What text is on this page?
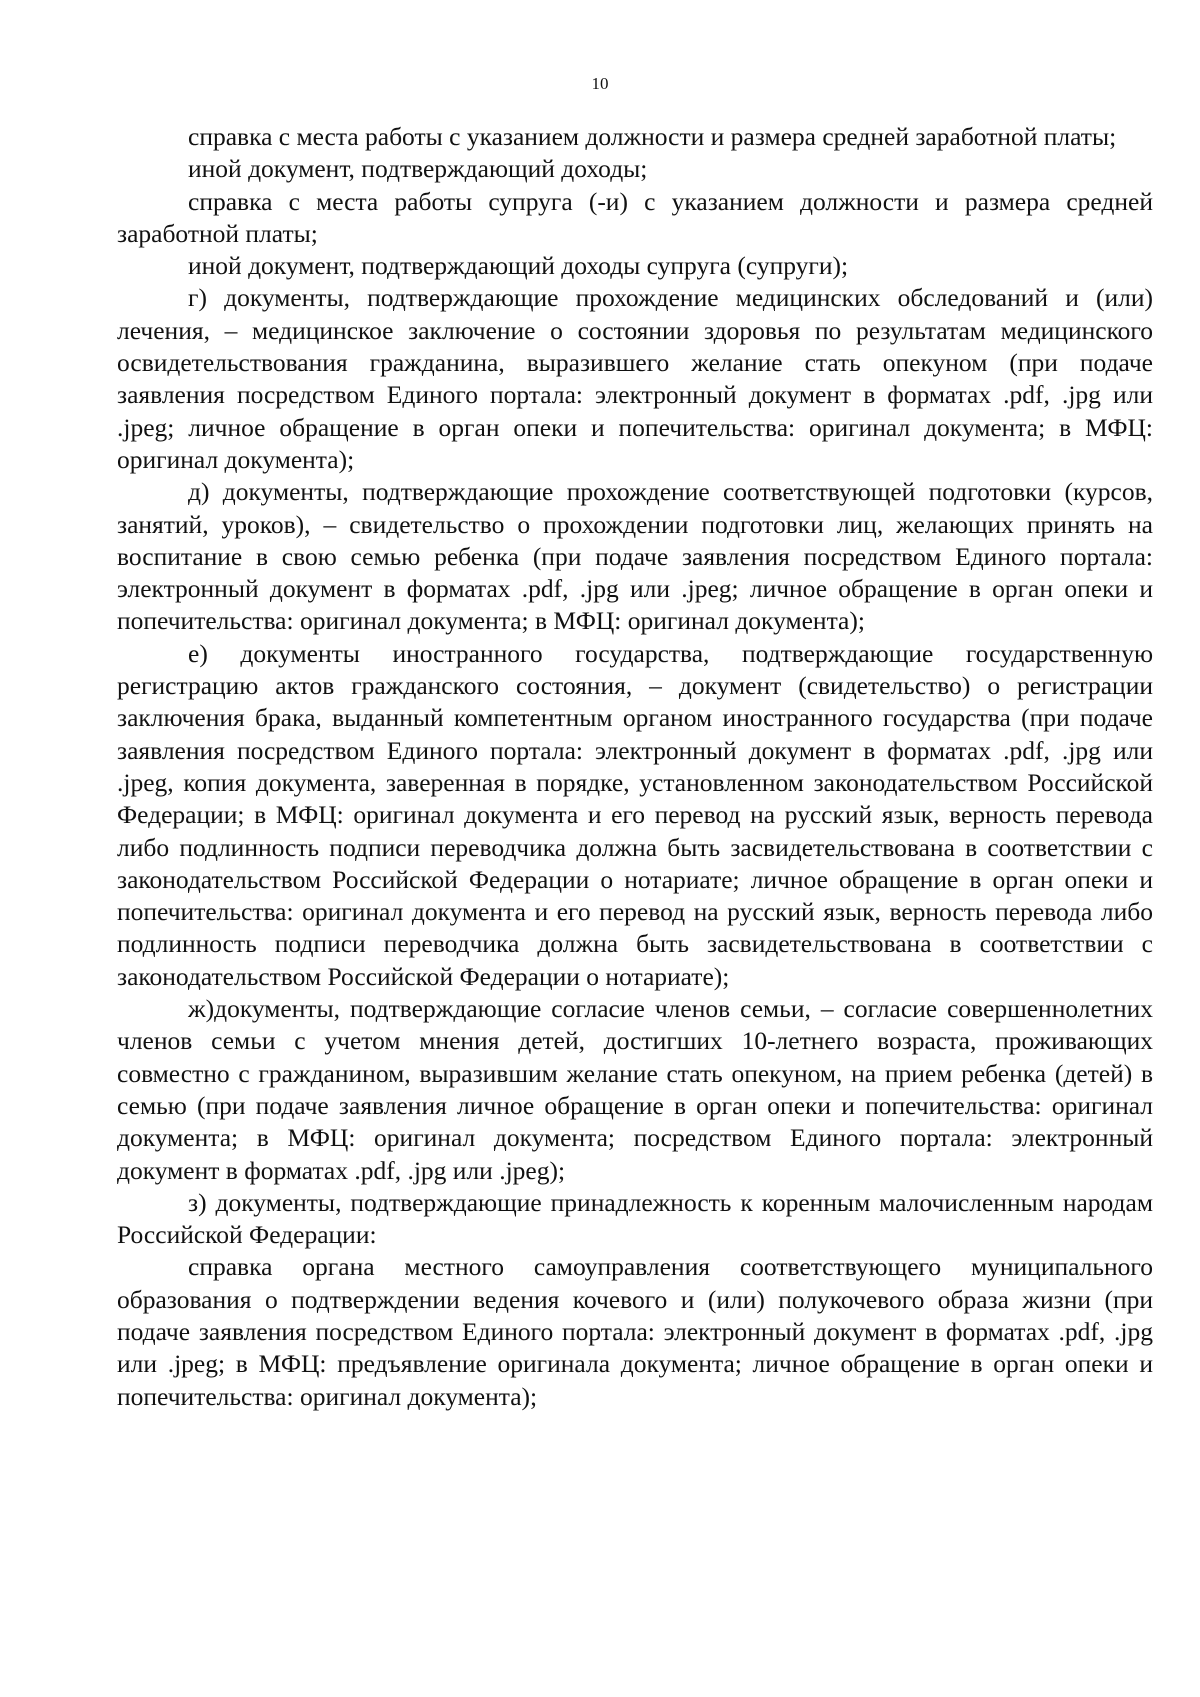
10

справка с места работы с указанием должности и размера средней заработной платы;

иной документ, подтверждающий доходы;

справка с места работы супруга (-и) с указанием должности и размера средней заработной платы;

иной документ, подтверждающий доходы супруга (супруги);

г) документы, подтверждающие прохождение медицинских обследований и (или) лечения, – медицинское заключение о состоянии здоровья по результатам медицинского освидетельствования гражданина, выразившего желание стать опекуном (при подаче заявления посредством Единого портала: электронный документ в форматах .pdf, .jpg или .jpeg; личное обращение в орган опеки и попечительства: оригинал документа; в МФЦ: оригинал документа);

д) документы, подтверждающие прохождение соответствующей подготовки (курсов, занятий, уроков), – свидетельство о прохождении подготовки лиц, желающих принять на воспитание в свою семью ребенка (при подаче заявления посредством Единого портала: электронный документ в форматах .pdf, .jpg или .jpeg; личное обращение в орган опеки и попечительства: оригинал документа; в МФЦ: оригинал документа);

е) документы иностранного государства, подтверждающие государственную регистрацию актов гражданского состояния, – документ (свидетельство) о регистрации заключения брака, выданный компетентным органом иностранного государства (при подаче заявления посредством Единого портала: электронный документ в форматах .pdf, .jpg или .jpeg, копия документа, заверенная в порядке, установленном законодательством Российской Федерации; в МФЦ: оригинал документа и его перевод на русский язык, верность перевода либо подлинность подписи переводчика должна быть засвидетельствована в соответствии с законодательством Российской Федерации о нотариате; личное обращение в орган опеки и попечительства: оригинал документа и его перевод на русский язык, верность перевода либо подлинность подписи переводчика должна быть засвидетельствована в соответствии с законодательством Российской Федерации о нотариате);

ж)документы, подтверждающие согласие членов семьи, – согласие совершеннолетних членов семьи с учетом мнения детей, достигших 10-летнего возраста, проживающих совместно с гражданином, выразившим желание стать опекуном, на прием ребенка (детей) в семью (при подаче заявления личное обращение в орган опеки и попечительства: оригинал документа; в МФЦ: оригинал документа; посредством Единого портала: электронный документ в форматах .pdf, .jpg или .jpeg);

з) документы, подтверждающие принадлежность к коренным малочисленным народам Российской Федерации:

справка органа местного самоуправления соответствующего муниципального образования о подтверждении ведения кочевого и (или) полукочевого образа жизни (при подаче заявления посредством Единого портала: электронный документ в форматах .pdf, .jpg или .jpeg; в МФЦ: предъявление оригинала документа; личное обращение в орган опеки и попечительства: оригинал документа);
